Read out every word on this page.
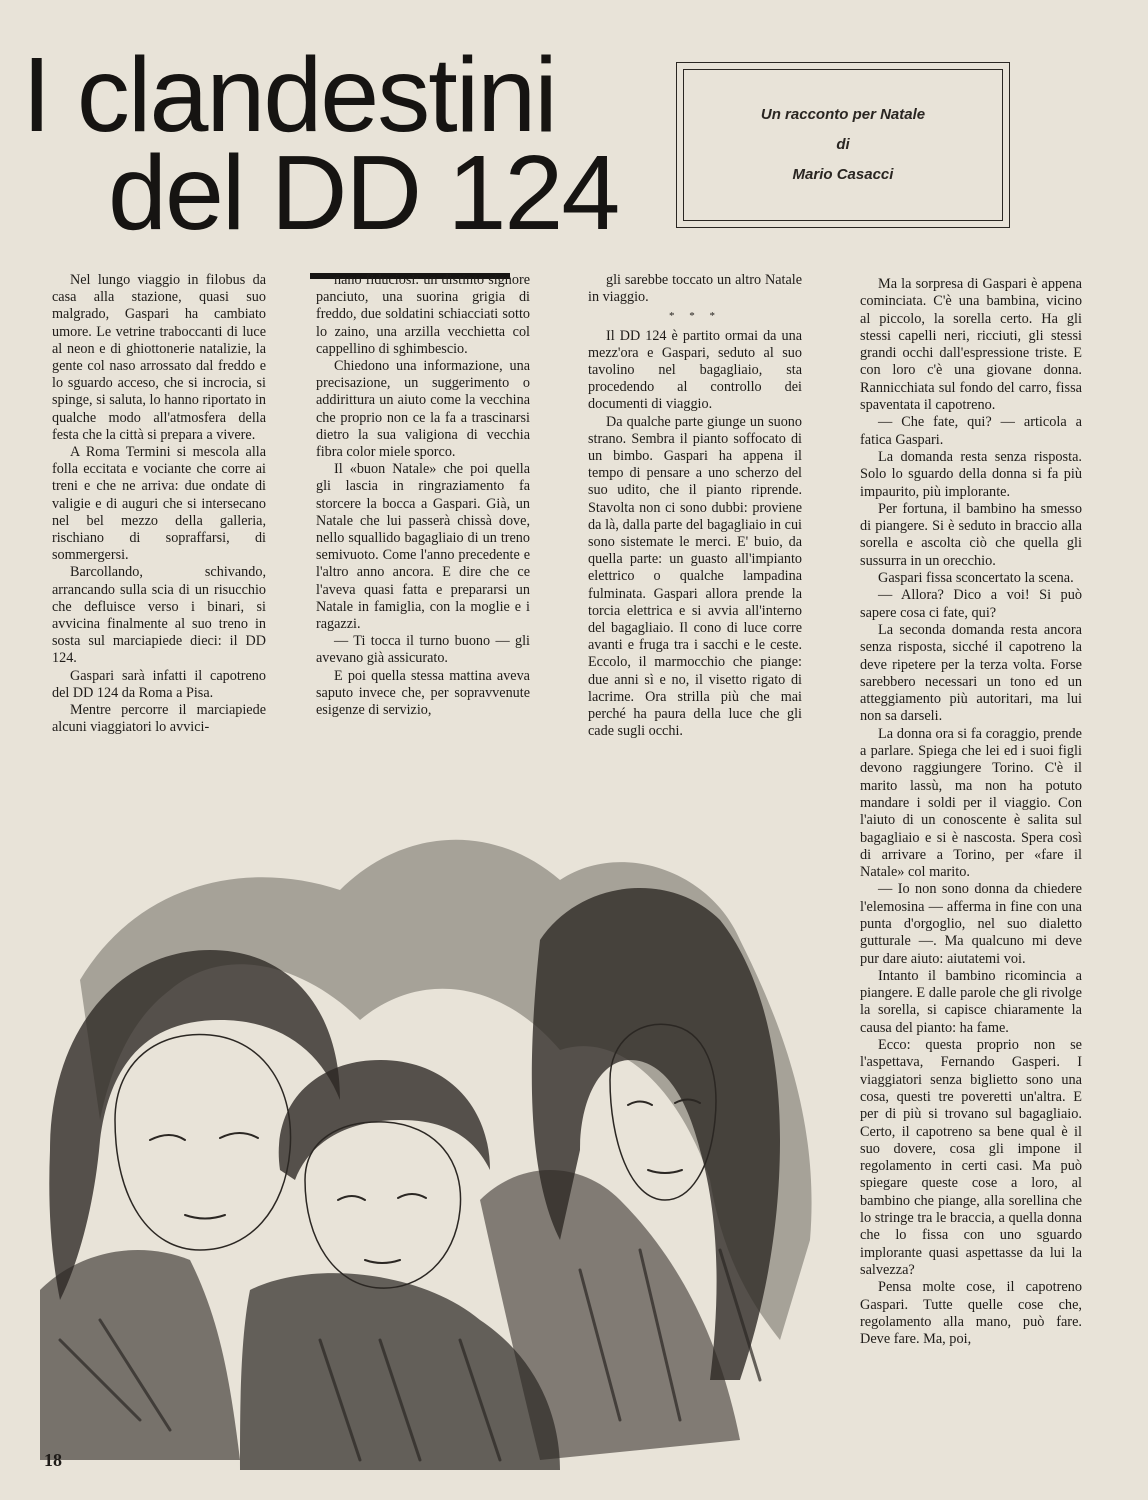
I clandestini
del DD 124
Un racconto per Natale
di
Mario Casacci

Nel lungo viaggio in filobus da casa alla stazione, quasi suo malgrado, Gaspari ha cambiato umore. Le vetrine traboccanti di luce al neon e di ghiottonerie natalizie, la gente col naso arrossato dal freddo e lo sguardo acceso, che si incrocia, si spinge, si saluta, lo hanno riportato in qualche modo all'atmosfera della festa che la città si prepara a vivere.

A Roma Termini si mescola alla folla eccitata e vociante che corre ai treni e che ne arriva: due ondate di valigie e di auguri che si intersecano nel bel mezzo della galleria, rischiano di sopraffarsi, di sommergersi.

Barcollando, schivando, arrancando sulla scia di un risucchio che defluisce verso i binari, si avvicina finalmente al suo treno in sosta sul marciapiede dieci: il DD 124.

Gaspari sarà infatti il capotreno del DD 124 da Roma a Pisa.

Mentre percorre il marciapiede alcuni viaggiatori lo avvici-

nano fiduciosi: un distinto signore panciuto, una suorina grigia di freddo, due soldatini schiacciati sotto lo zaino, una arzilla vecchietta col cappellino di sghimbescio.

Chiedono una informazione, una precisazione, un suggerimento o addirittura un aiuto come la vecchina che proprio non ce la fa a trascinarsi dietro la sua valigiona di vecchia fibra color miele sporco.

Il «buon Natale» che poi quella gli lascia in ringraziamento fa storcere la bocca a Gaspari. Già, un Natale che lui passerà chissà dove, nello squallido bagagliaio di un treno semivuoto. Come l'anno precedente e l'altro anno ancora. E dire che ce l'aveva quasi fatta e prepararsi un Natale in famiglia, con la moglie e i ragazzi.

— Ti tocca il turno buono — gli avevano già assicurato.

E poi quella stessa mattina aveva saputo invece che, per sopravvenute esigenze di servizio,

gli sarebbe toccato un altro Natale in viaggio.

* * *

Il DD 124 è partito ormai da una mezz'ora e Gaspari, seduto al suo tavolino nel bagagliaio, sta procedendo al controllo dei documenti di viaggio.

Da qualche parte giunge un suono strano. Sembra il pianto soffocato di un bimbo. Gaspari ha appena il tempo di pensare a uno scherzo del suo udito, che il pianto riprende. Stavolta non ci sono dubbi: proviene da là, dalla parte del bagagliaio in cui sono sistemate le merci. E' buio, da quella parte: un guasto all'impianto elettrico o qualche lampadina fulminata. Gaspari allora prende la torcia elettrica e si avvia all'interno del bagagliaio. Il cono di luce corre avanti e fruga tra i sacchi e le ceste. Eccolo, il marmocchio che piange: due anni sì e no, il visetto rigato di lacrime. Ora strilla più che mai perché ha paura della luce che gli cade sugli occhi.

Ma la sorpresa di Gaspari è appena cominciata. C'è una bambina, vicino al piccolo, la sorella certo. Ha gli stessi capelli neri, ricciuti, gli stessi grandi occhi dall'espressione triste. E con loro c'è una giovane donna. Rannicchiata sul fondo del carro, fissa spaventata il capotreno.

— Che fate, qui? — articola a fatica Gaspari.

La domanda resta senza risposta. Solo lo sguardo della donna si fa più impaurito, più implorante.

Per fortuna, il bambino ha smesso di piangere. Si è seduto in braccio alla sorella e ascolta ciò che quella gli sussurra in un orecchio.

Gaspari fissa sconcertato la scena.

— Allora? Dico a voi! Si può sapere cosa ci fate, qui?

La seconda domanda resta ancora senza risposta, sicché il capotreno la deve ripetere per la terza volta. Forse sarebbero necessari un tono ed un atteggiamento più autoritari, ma lui non sa darseli.

La donna ora si fa coraggio, prende a parlare. Spiega che lei ed i suoi figli devono raggiungere Torino. C'è il marito lassù, ma non ha potuto mandare i soldi per il viaggio. Con l'aiuto di un conoscente è salita sul bagagliaio e si è nascosta. Spera così di arrivare a Torino, per «fare il Natale» col marito.

— Io non sono donna da chiedere l'elemosina — afferma in fine con una punta d'orgoglio, nel suo dialetto gutturale —. Ma qualcuno mi deve pur dare aiuto: aiutatemi voi.

Intanto il bambino ricomincia a piangere. E dalle parole che gli rivolge la sorella, si capisce chiaramente la causa del pianto: ha fame.

Ecco: questa proprio non se l'aspettava, Fernando Gasperi. I viaggiatori senza biglietto sono una cosa, questi tre poveretti un'altra. E per di più si trovano sul bagagliaio. Certo, il capotreno sa bene qual è il suo dovere, cosa gli impone il regolamento in certi casi. Ma può spiegare queste cose a loro, al bambino che piange, alla sorellina che lo stringe tra le braccia, a quella donna che lo fissa con uno sguardo implorante quasi aspettasse da lui la salvezza?

Pensa molte cose, il capotreno Gaspari. Tutte quelle cose che, regolamento alla mano, può fare. Deve fare. Ma, poi,

18
